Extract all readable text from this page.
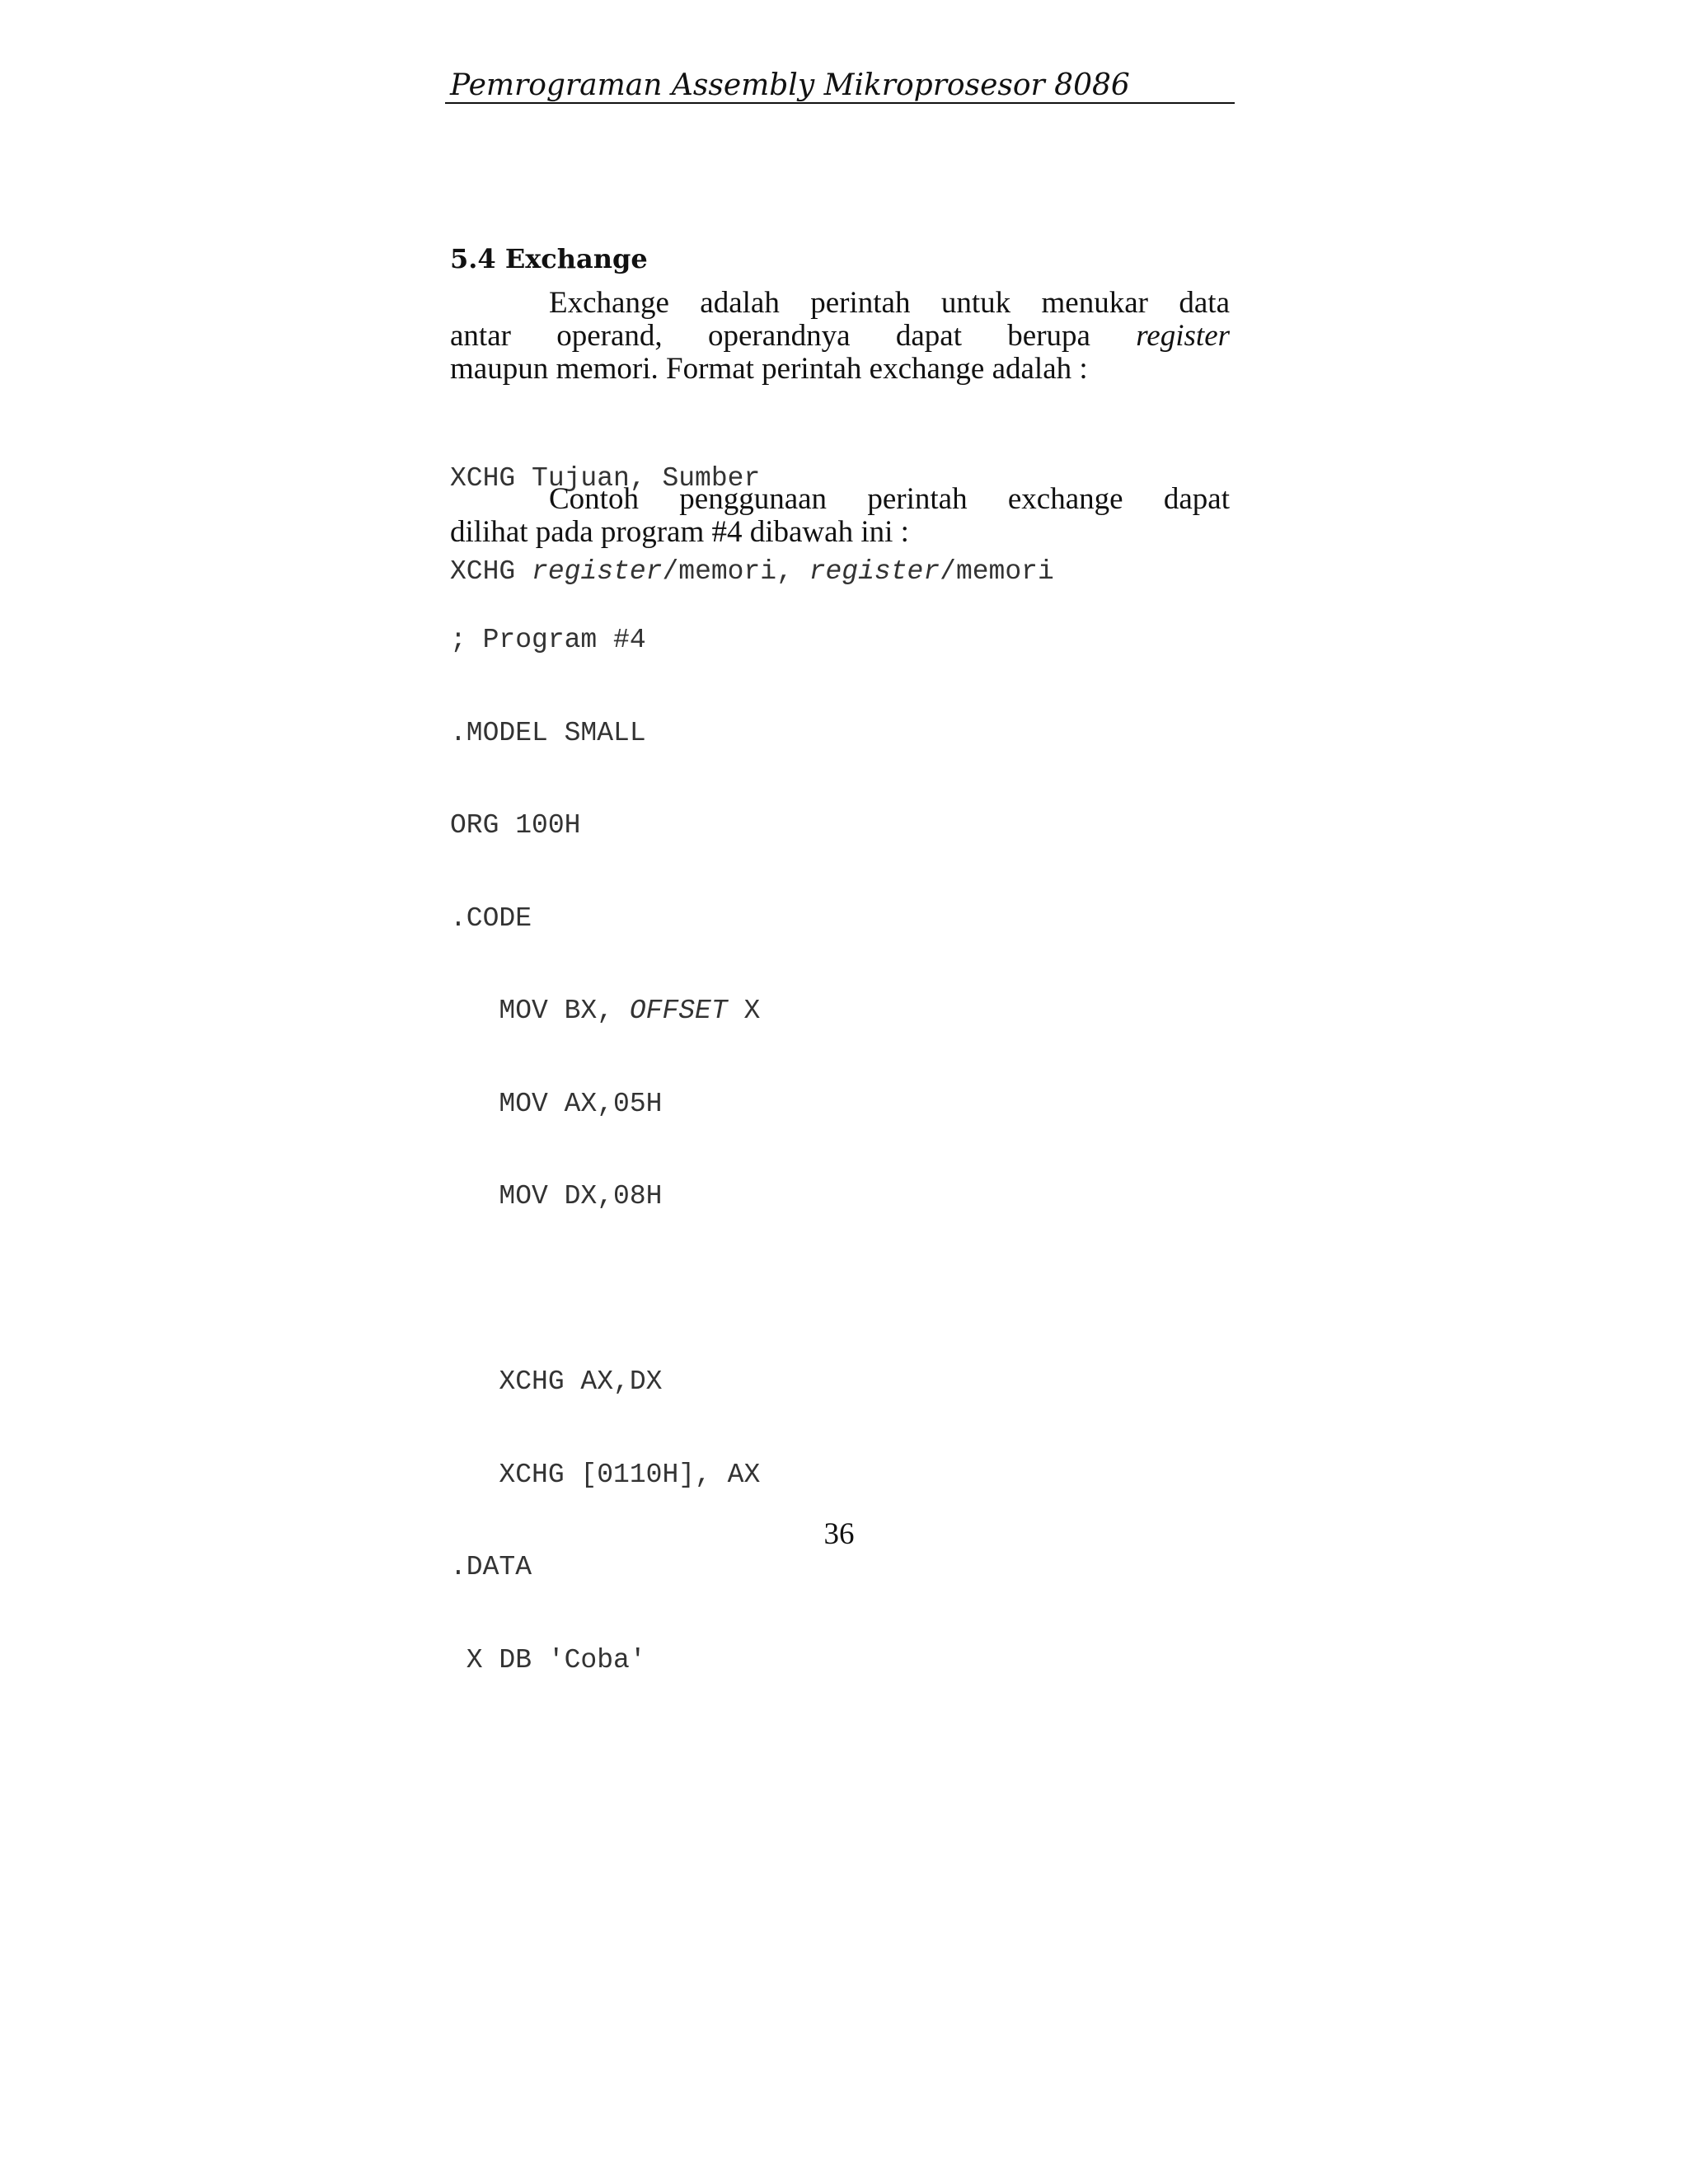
Pemrograman Assembly Mikroprosesor 8086
5.4 Exchange
Exchange adalah perintah untuk menukar data
antar operand, operandnya dapat berupa register
maupun memori. Format perintah exchange adalah :

XCHG Tujuan, Sumber

XCHG register/memori, register/memori

Contoh penggunaan perintah exchange dapat
dilihat pada program #4 dibawah ini :

; Program #4

.MODEL SMALL

ORG 100H

.CODE

MOV BX, OFFSET X

MOV AX,05H

MOV DX,08H

XCHG AX,DX

XCHG [0110H], AX

.DATA

X DB 'Coba'

36
